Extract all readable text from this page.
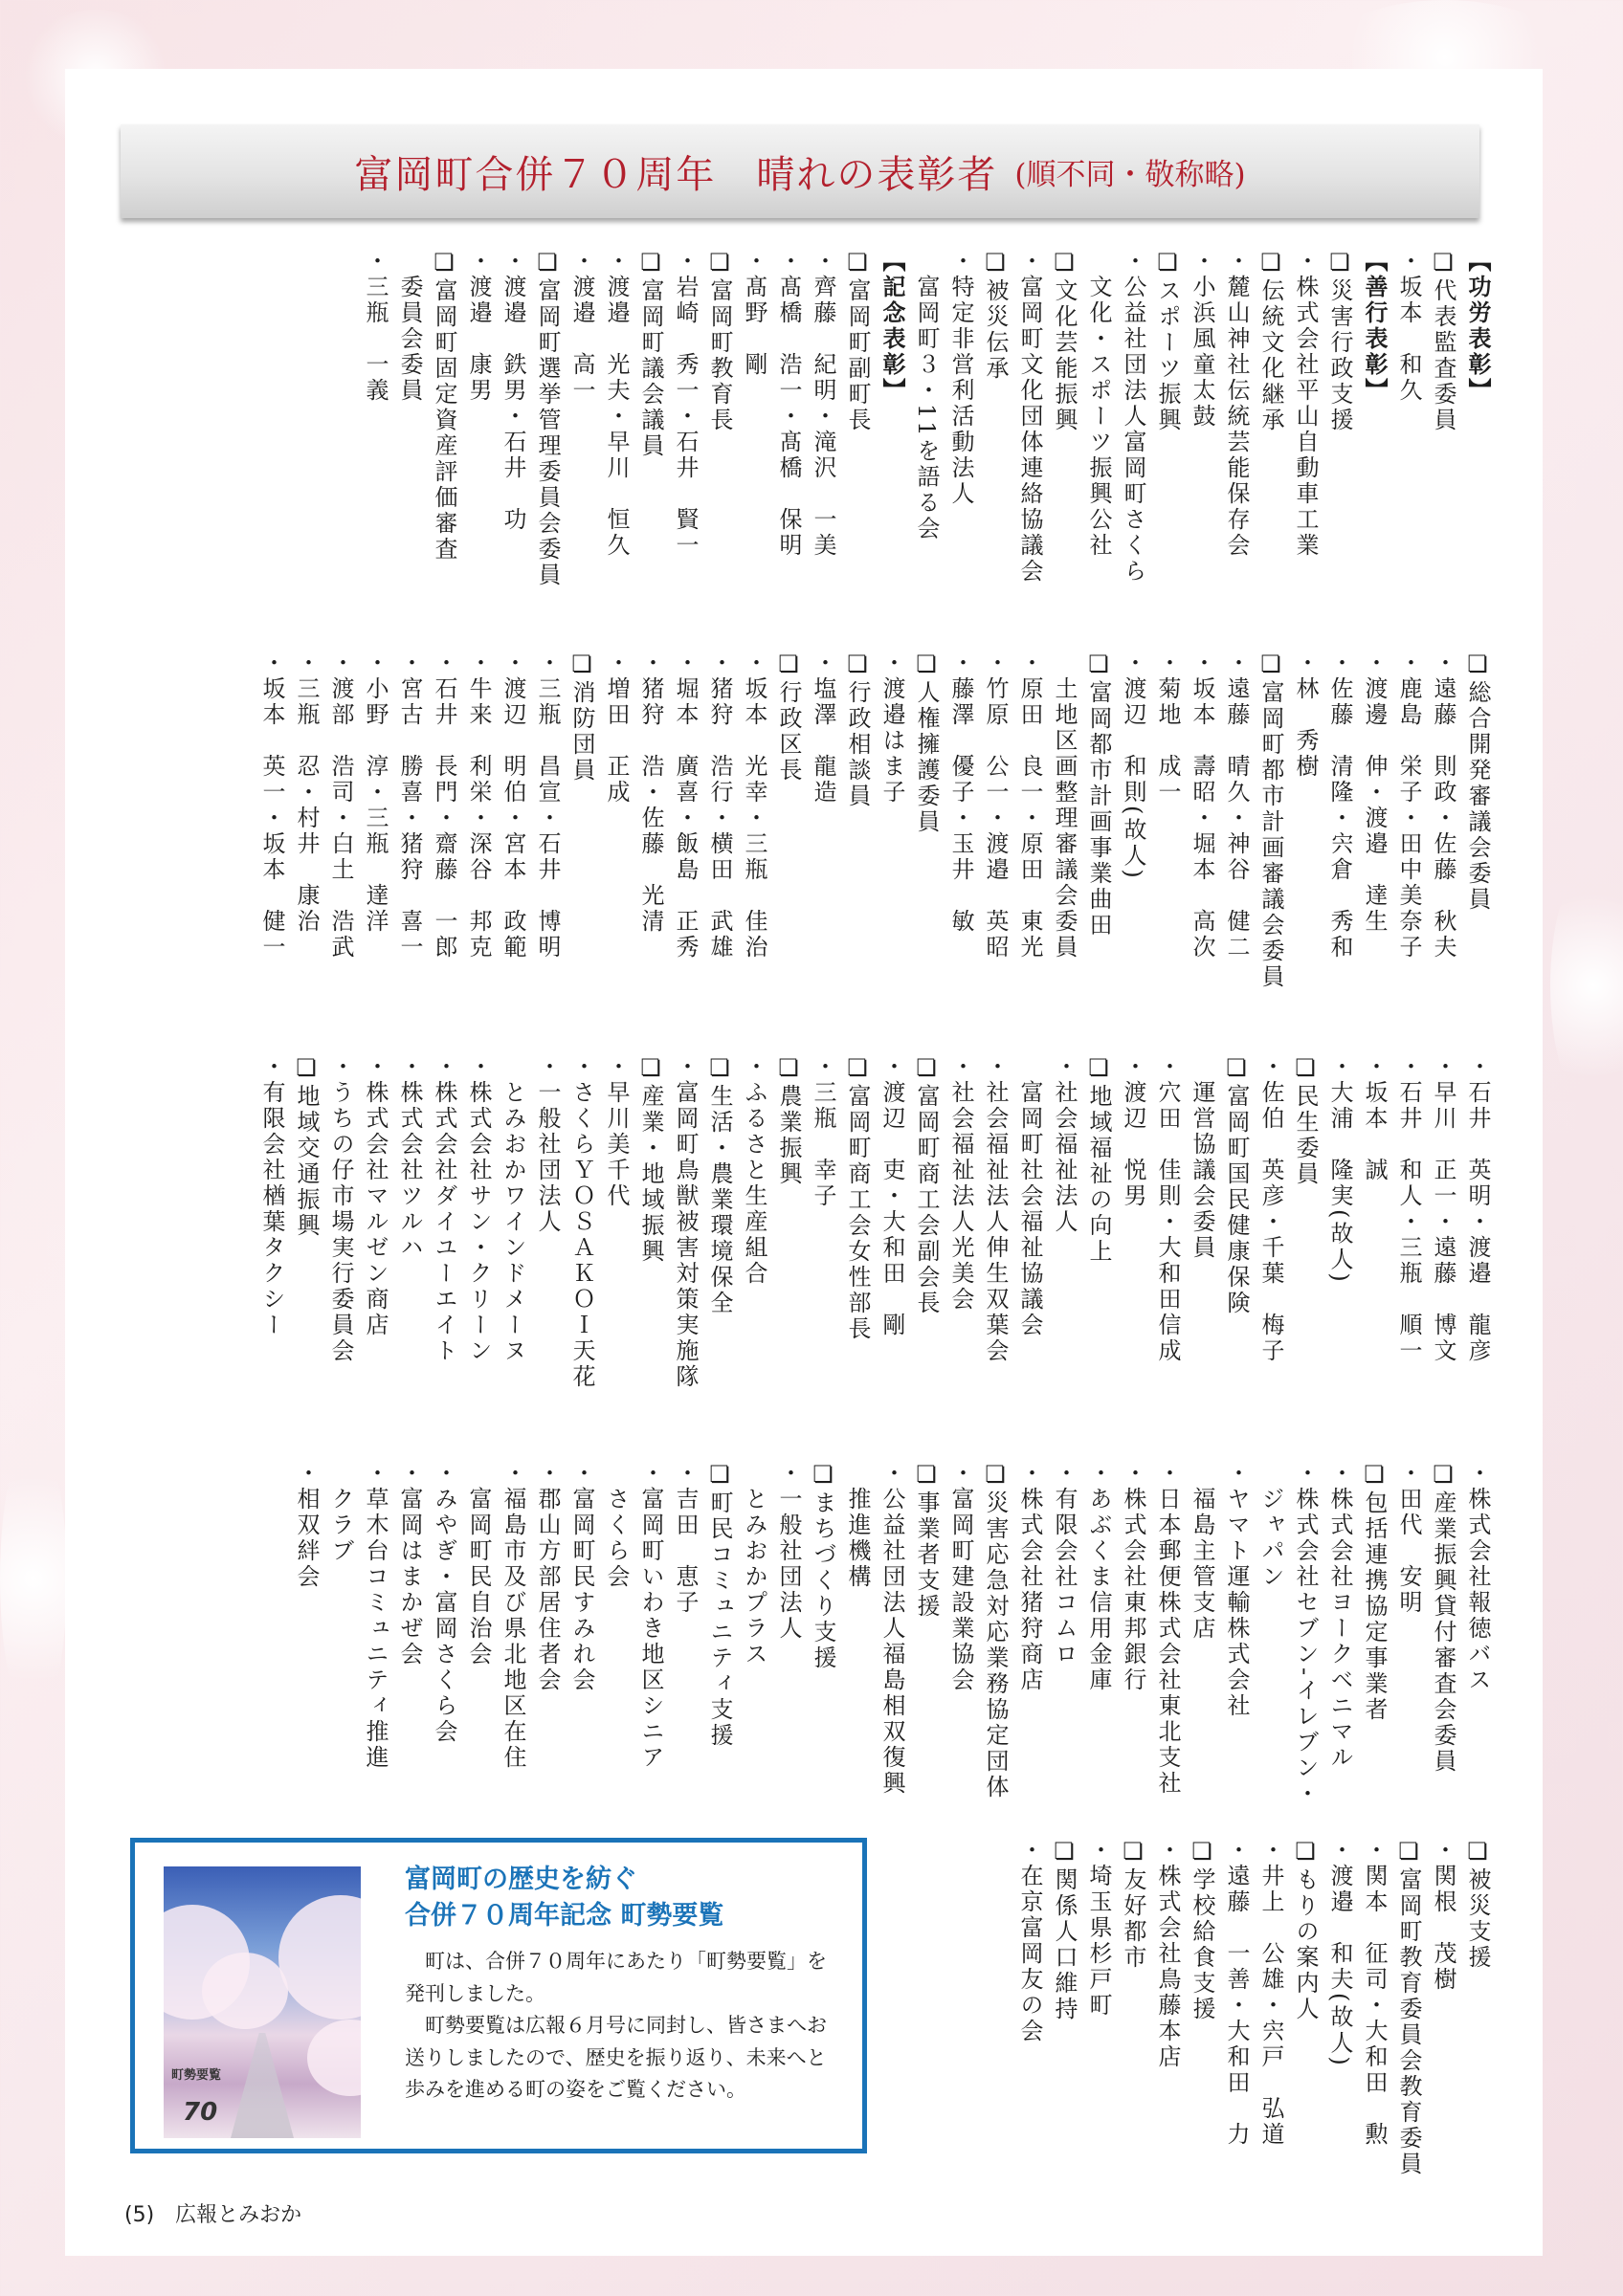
富岡町合併７０周年　晴れの表彰者 (順不同・敬称略)
【功労表彰】
❏代表監査委員
・坂本　和久
【善行表彰】
❏災害行政支援
・株式会社平山自動車工業
❏伝統文化継承
・麓山神社伝統芸能保存会
・小浜風童太鼓
❏スポーツ振興
・公益社団法人富岡町さくら
　文化・スポーツ振興公社
❏文化芸能振興
・富岡町文化団体連絡協議会
❏被災伝承
・特定非営利活動法人
　富岡町３・11を語る会
【記念表彰】
❏富岡町副町長
・齊藤　紀明・滝沢　一美
・髙橋　浩一・髙橋　保明
・髙野　剛
❏富岡町教育長
・岩崎　秀一・石井　賢一
❏富岡町議会議員
・渡邉　光夫・早川　恒久
・渡邉　高一
❏富岡町選挙管理委員会委員
・渡邉　鉄男・石井　功
・渡邉　康男
❏富岡町固定資産評価審査
　委員会委員
・三瓶　一義
❏総合開発審議会委員
・遠藤　則政・佐藤　秋夫
・鹿島　栄子・田中美奈子
・渡邊　伸・渡邉　達生
・佐藤　清隆・宍倉　秀和
・林　秀樹
❏富岡町都市計画審議会委員
・遠藤　晴久・神谷　健二
・坂本　壽昭・堀本　高次
・菊地　成一
・渡辺　和則(故人)
❏富岡都市計画事業曲田
　土地区画整理審議会委員
・原田　良一・原田　東光
・竹原　公一・渡邉　英昭
・藤澤　優子・玉井　敏
❏人権擁護委員
・渡邉はま子
❏行政相談員
・塩澤　龍造
❏行政区長
・坂本　光幸・三瓶　佳治
・猪狩　浩行・横田　武雄
・堀本　廣喜・飯島　正秀
・猪狩　浩・佐藤　光清
・増田　正成
❏消防団員
・三瓶　昌宣・石井　博明
・渡辺　明伯・宮本　政範
・牛来　利栄・深谷　邦克
・石井　長門・齋藤　一郎
・宮古　勝喜・猪狩　喜一
・小野　淳・三瓶　達洋
・渡部　浩司・白土　浩武
・三瓶　忍・村井　康治
・坂本　英一・坂本　健一
・石井　英明・渡邉　龍彦
・早川　正一・遠藤　博文
・石井　和人・三瓶　順一
・坂本　誠
・大浦　隆実(故人)
❏民生委員
・佐伯　英彦・千葉　梅子
❏富岡町国民健康保険
　運営協議会委員
・穴田　佳則・大和田信成
・渡辺　悦男
❏地域福祉の向上
・社会福祉法人
　富岡町社会福祉協議会
・社会福祉法人伸生双葉会
・社会福祉法人光美会
❏富岡町商工会副会長
・渡辺　吏・大和田　剛
❏富岡町商工会女性部長
・三瓶　幸子
❏農業振興
・ふるさと生産組合
❏生活・農業環境保全
・富岡町鳥獣被害対策実施隊
❏産業・地域振興
・早川美千代
・さくらＹＯＳＡＫＯＩ天花
・一般社団法人
　とみおかワインドメーヌ
・株式会社サン・クリーン
・株式会社ダイユーエイト
・株式会社ツルハ
・株式会社マルゼン商店
・うちの仔市場実行委員会
❏地域交通振興
・有限会社楢葉タクシー
・株式会社報徳バス
❏産業振興貸付審査会委員
・田代　安明
❏包括連携協定事業者
・株式会社ヨークベニマル
・株式会社セブン-イレブン・
　ジャパン
・ヤマト運輸株式会社
　福島主管支店
・日本郵便株式会社東北支社
・株式会社東邦銀行
・あぶくま信用金庫
・有限会社コムロ
・株式会社猪狩商店
❏災害応急対応業務協定団体
・富岡町建設業協会
❏事業者支援
・公益社団法人福島相双復興
　推進機構
❏まちづくり支援
・一般社団法人
　とみおかプラス
❏町民コミュニティ支援
・吉田　恵子
・富岡町いわき地区シニア
　さくら会
・富岡町民すみれ会
・郡山方部居住者会
・福島市及び県北地区在住
　富岡町民自治会
・みやぎ・富岡さくら会
・富岡はまかぜ会
・草木台コミュニティ推進
　クラブ
・相双絆会
❏被災支援
・関根　茂樹
❏富岡町教育委員会教育委員
・関本　征司・大和田　勲
・渡邉　和夫(故人)
❏もりの案内人
・井上　公雄・宍戸　弘道
・遠藤　一善・大和田　力
❏学校給食支援
・株式会社鳥藤本店
❏友好都市
・埼玉県杉戸町
❏関係人口維持
・在京富岡友の会
町勢要覧
70
富岡町の歴史を紡ぐ
合併７０周年記念 町勢要覧
町は、合併７０周年にあたり「町勢要覧」を発刊しました。
町勢要覧は広報６月号に同封し、皆さまへお送りしましたので、歴史を振り返り、未来へと歩みを進める町の姿をご覧ください。
(5)　広報とみおか
